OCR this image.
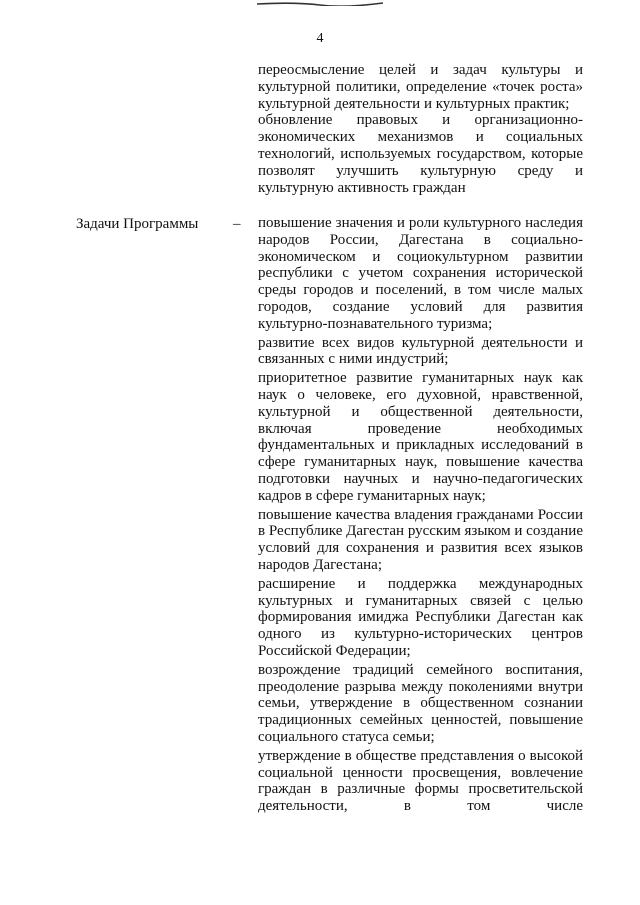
4
переосмысление целей и задач культуры и культурной политики, определение «точек роста» культурной деятельности и культурных практик;
обновление правовых и организационно-экономических механизмов и социальных технологий, используемых государством, которые позволят улучшить культурную среду и культурную активность граждан
Задачи Программы – повышение значения и роли культурного наследия народов России, Дагестана в социально-экономическом и социокультурном развитии республики с учетом сохранения исторической среды городов и поселений, в том числе малых городов, создание условий для развития культурно-познавательного туризма;

развитие всех видов культурной деятельности и связанных с ними индустрий;

приоритетное развитие гуманитарных наук как наук о человеке, его духовной, нравственной, культурной и общественной деятельности, включая проведение необходимых фундаментальных и прикладных исследований в сфере гуманитарных наук, повышение качества подготовки научных и научно-педагогических кадров в сфере гуманитарных наук;

повышение качества владения гражданами России в Республике Дагестан русским языком и создание условий для сохранения и развития всех языков народов Дагестана;

расширение и поддержка международных культурных и гуманитарных связей с целью формирования имиджа Республики Дагестан как одного из культурно-исторических центров Российской Федерации;

возрождение традиций семейного воспитания, преодоление разрыва между поколениями внутри семьи, утверждение в общественном сознании традиционных семейных ценностей, повышение социального статуса семьи;

утверждение в обществе представления о высокой социальной ценности просвещения, вовлечение граждан в различные формы просветительской деятельности, в том числе
